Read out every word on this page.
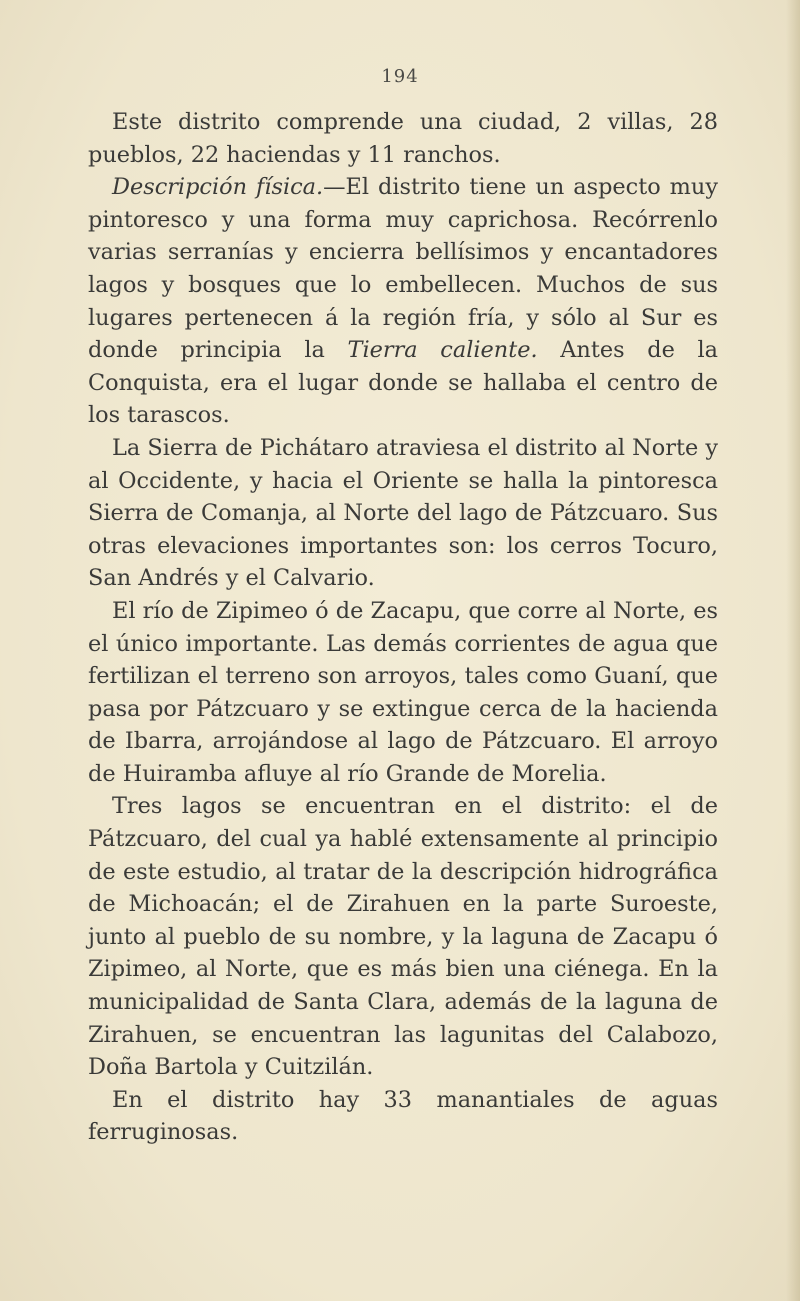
194

Este distrito comprende una ciudad, 2 villas, 28 pueblos, 22 haciendas y 11 ranchos.

Descripción física.—El distrito tiene un aspecto muy pintoresco y una forma muy caprichosa. Recórrenlo varias serranías y encierra bellísimos y encantadores lagos y bosques que lo embellecen. Muchos de sus lugares pertenecen á la región fría, y sólo al Sur es donde principia la Tierra caliente. Antes de la Conquista, era el lugar donde se hallaba el centro de los tarascos.

La Sierra de Pichátaro atraviesa el distrito al Norte y al Occidente, y hacia el Oriente se halla la pintoresca Sierra de Comanja, al Norte del lago de Pátzcuaro. Sus otras elevaciones importantes son: los cerros Tocuro, San Andrés y el Calvario.

El río de Zipimeo ó de Zacapu, que corre al Norte, es el único importante. Las demás corrientes de agua que fertilizan el terreno son arroyos, tales como Guaní, que pasa por Pátzcuaro y se extingue cerca de la hacienda de Ibarra, arrojándose al lago de Pátzcuaro. El arroyo de Huiramba afluye al río Grande de Morelia.

Tres lagos se encuentran en el distrito: el de Pátzcuaro, del cual ya hablé extensamente al principio de este estudio, al tratar de la descripción hidrográfica de Michoacán; el de Zirahuen en la parte Suroeste, junto al pueblo de su nombre, y la laguna de Zacapu ó Zipimeo, al Norte, que es más bien una ciénega. En la municipalidad de Santa Clara, además de la laguna de Zirahuen, se encuentran las lagunitas del Calabozo, Doña Bartola y Cuitzilán.

En el distrito hay 33 manantiales de aguas ferruginosas.
